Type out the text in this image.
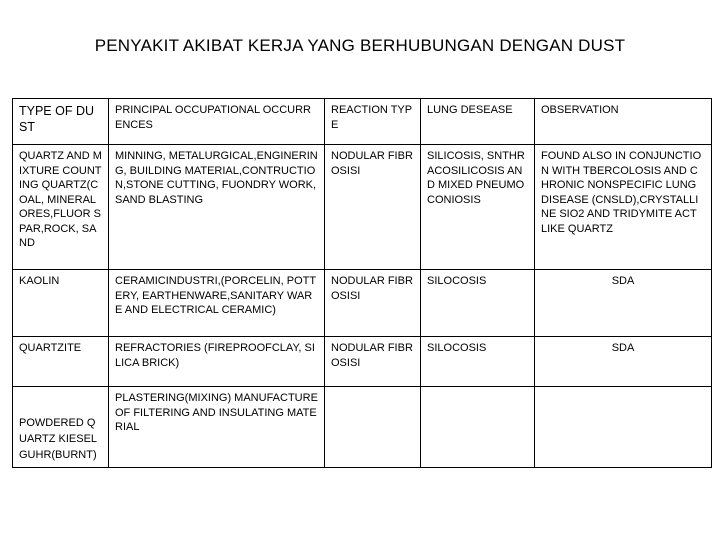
PENYAKIT AKIBAT KERJA YANG BERHUBUNGAN DENGAN DUST
TYPE OF DUST	PRINCIPAL OCCUPATIONAL OCCURRENCES	REACTION TYPE	LUNG DESEASE	OBSERVATION
QUARTZ AND MIXTURE COUNTING QUARTZ(COAL, MINERAL ORES,FLUOR SPAR,ROCK, SAND	MINNING, METALURGICAL,ENGINERING, BUILDING MATERIAL,CONTRUCTION,STONE CUTTING, FUONDRY WORK, SAND BLASTING	NODULAR FIBROSISI	SILICOSIS, SNTHRACOSILICOSIS AND MIXED PNEUMOCONIOSIS	FOUND ALSO IN CONJUNCTION WITH TBERCOLOSIS AND CHRONIC NONSPECIFIC LUNG DISEASE (CNSLD),CRYSTALLINE SIO2 AND TRIDYMITE ACT LIKE QUARTZ
KAOLIN	CERAMICINDUSTRI,(PORCELIN, POTTERY, EARTHENWARE,SANITARY WARE AND ELECTRICAL CERAMIC)	NODULAR FIBROSISI	SILOCOSIS	SDA
QUARTZITE	REFRACTORIES (FIREPROOFCLAY, SILICA BRICK)	NODULAR FIBROSISI	SILOCOSIS	SDA
POWDERED QUARTZ KIESELGUHR(BURNT)	PLASTERING(MIXING) MANUFACTURE OF FILTERING AND INSULATING MATERIAL			
